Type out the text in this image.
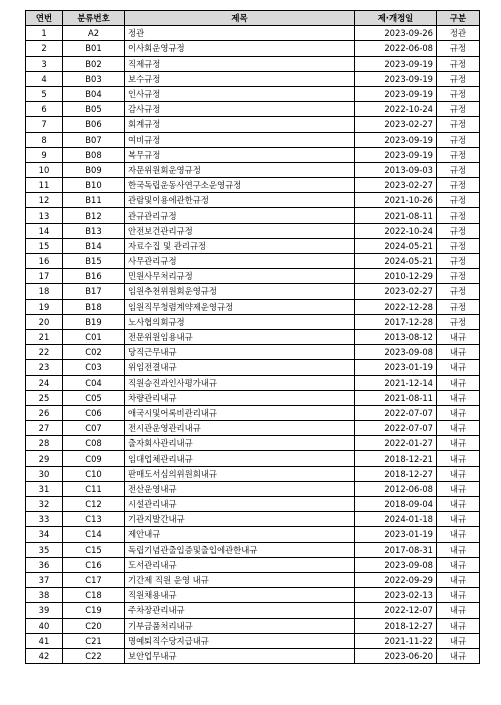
연번	분류번호	제목	제·개정일	구분
1	A2	정관	2023-09-26	정관
2	B01	이사회운영규정	2022-06-08	규정
3	B02	직제규정	2023-09-19	규정
4	B03	보수규정	2023-09-19	규정
5	B04	인사규정	2023-09-19	규정
6	B05	감사규정	2022-10-24	규정
7	B06	회계규정	2023-02-27	규정
8	B07	여비규정	2023-09-19	규정
9	B08	복무규정	2023-09-19	규정
10	B09	자문위원회운영규정	2013-09-03	규정
11	B10	한국독립운동사연구소운영규정	2023-02-27	규정
12	B11	관람및이용에관한규정	2021-10-26	규정
13	B12	관규관리규정	2021-08-11	규정
14	B13	안전보건관리규정	2022-10-24	규정
15	B14	자료수집 및 관리규정	2024-05-21	규정
16	B15	사무관리규정	2024-05-21	규정
17	B16	민원사무처리규정	2010-12-29	규정
18	B17	임원추천위원회운영규정	2023-02-27	규정
19	B18	임원직무청렴계약제운영규정	2022-12-28	규정
20	B19	노사협의회규정	2017-12-28	규정
21	C01	전문위원임용내규	2013-08-12	내규
22	C02	당직근무내규	2023-09-08	내규
23	C03	위임전결내규	2023-01-19	내규
24	C04	직원승진과인사평가내규	2021-12-14	내규
25	C05	차량관리내규	2021-08-11	내규
26	C06	애국시및어록비관리내규	2022-07-07	내규
27	C07	전시관운영관리내규	2022-07-07	내규
28	C08	출자회사관리내규	2022-01-27	내규
29	C09	임대업체관리내규	2018-12-21	내규
30	C10	판매도서심의위원회내규	2018-12-27	내규
31	C11	전산운영내규	2012-06-08	내규
32	C12	시설관리내규	2018-09-04	내규
33	C13	기관지발간내규	2024-01-18	내규
34	C14	제안내규	2023-01-19	내규
35	C15	독립기념관출입증및출입에관한내규	2017-08-31	내규
36	C16	도서관리내규	2023-09-08	내규
37	C17	기간제 직원 운영 내규	2022-09-29	내규
38	C18	직원채용내규	2023-02-13	내규
39	C19	주차장관리내규	2022-12-07	내규
40	C20	기부금품처리내규	2018-12-27	내규
41	C21	명예퇴직수당지급내규	2021-11-22	내규
42	C22	보안업무내규	2023-06-20	내규
